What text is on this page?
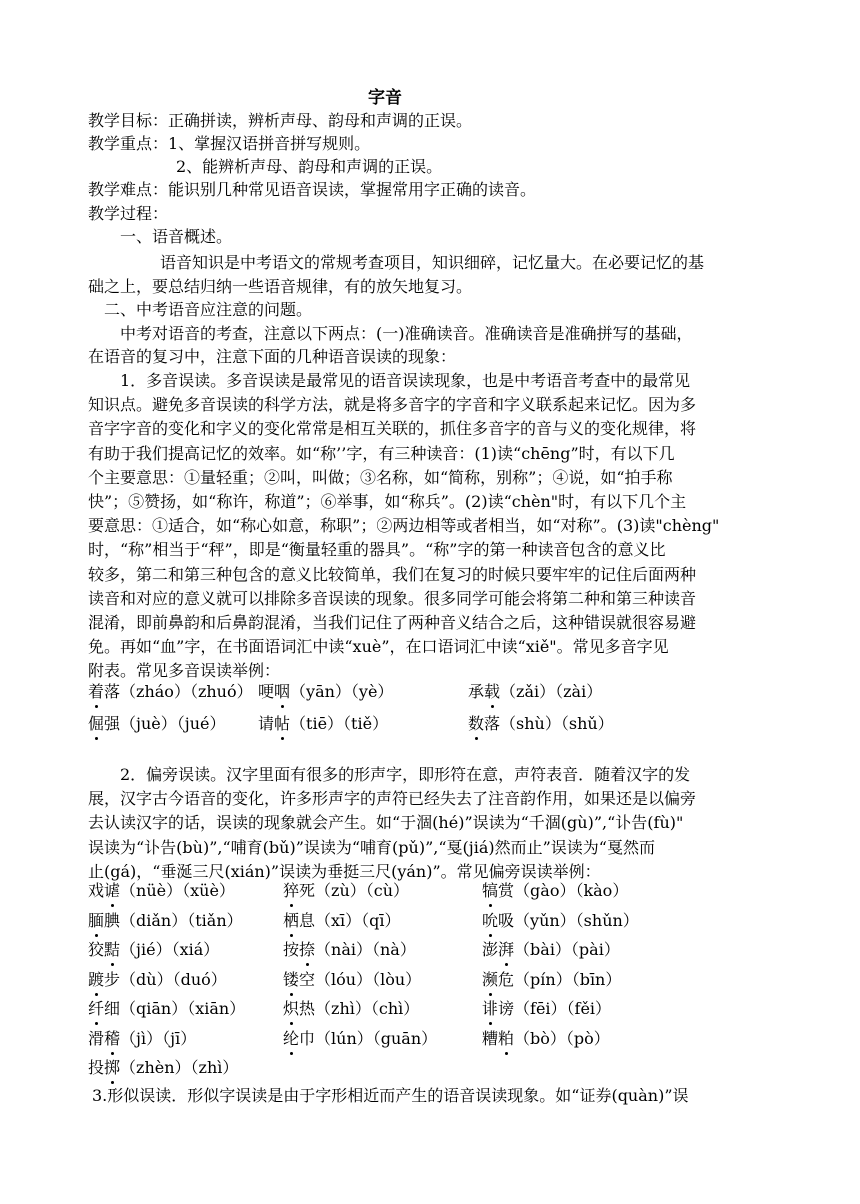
字音
教学目标：正确拼读，辨析声母、韵母和声调的正误。
教学重点：1、掌握汉语拼音拼写规则。
2、能辨析声母、韵母和声调的正误。
教学难点：能识别几种常见语音误读，掌握常用字正确的读音。
教学过程：
一、语音概述。
语音知识是中考语文的常规考查项目，知识细碎，记忆量大。在必要记忆的基
础之上，要总结归纳一些语音规律，有的放矢地复习。
二、中考语音应注意的问题。
中考对语音的考查，注意以下两点：(一)准确读音。准确读音是准确拼写的基础，
在语音的复习中，注意下面的几种语音误读的现象：
1．多音误读。多音误读是最常见的语音误读现象，也是中考语音考查中的最常见
知识点。避免多音误读的科学方法，就是将多音字的字音和字义联系起来记忆。因为多
音字字音的变化和字义的变化常常是相互关联的，抓住多音字的音与义的变化规律，将
有助于我们提高记忆的效率。如“称’’字，有三种读音：(1)读“chēng”时，有以下几
个主要意思：①量轻重；②叫，叫做；③名称，如“简称，别称”；④说，如“拍手称
快”；⑤赞扬，如“称许，称道”；⑥举事，如“称兵”。(2)读“chèn"时，有以下几个主
要意思：①适合，如“称心如意，称职”；②两边相等或者相当，如“对称”。(3)读"chèng"
时，“称”相当于“秤”，即是“衡量轻重的器具”。“称”字的第一种读音包含的意义比
较多，第二和第三种包含的意义比较简单，我们在复习的时候只要牢牢的记住后面两种
读音和对应的意义就可以排除多音误读的现象。很多同学可能会将第二种和第三种读音
混淆，即前鼻韵和后鼻韵混淆，当我们记住了两种音义结合之后，这种错误就很容易避
免。再如“血”字，在书面语词汇中读“xuè”，在口语词汇中读“xiě"。常见多音字见
附表。常见多音误读举例：
着落（zháo）（zhuó） 哽咽（yān）（yè）	承载（zǎi）（zài）
倔强（juè）（jué） 请帖（tiē）（tiě）	数落（shù）（shǔ）
2．偏旁误读。汉字里面有很多的形声字，即形符在意，声符表音．随着汉字的发
展，汉字古今语音的变化，许多形声字的声符已经失去了注音韵作用，如果还是以偏旁
去认读汉字的话，误读的现象就会产生。如“于涸(hé)”误读为“千涸(gù)”,“讣告(fù)"
误读为“讣告(bù)”,“哺育(bǔ)”误读为“哺育(pǔ)”,“戛(jiá)然而止”误读为“戛然而
止(gá)，“垂涎三尺(xián)”误读为垂挺三尺(yán)”。常见偏旁误读举例：
戏谑（nüè）（xüè）	猝死（zù）（cù）	犒赏（gào）（kào）
腼腆（diǎn）（tiǎn）	栖息（xī）（qī）	吮吸（yǔn）（shǔn）
狡黠（jié）（xiá）	按捺（nài）（nà）	澎湃（bài）（pài）
踱步（dù）（duó）	镂空（lóu）（lòu）	濒危（pín）（bīn）
纤细（qiān）（xiān） 炽热（zhì）（chì）	诽谤（fēi）（fěi）
滑稽（jì）（jī）	纶巾（lún）（guān）	糟粕（bò）（pò）
投掷（zhèn）（zhì）
3.形似误读．形似字误读是由于字形相近而产生的语音误读现象。如“证券(quàn)”误
